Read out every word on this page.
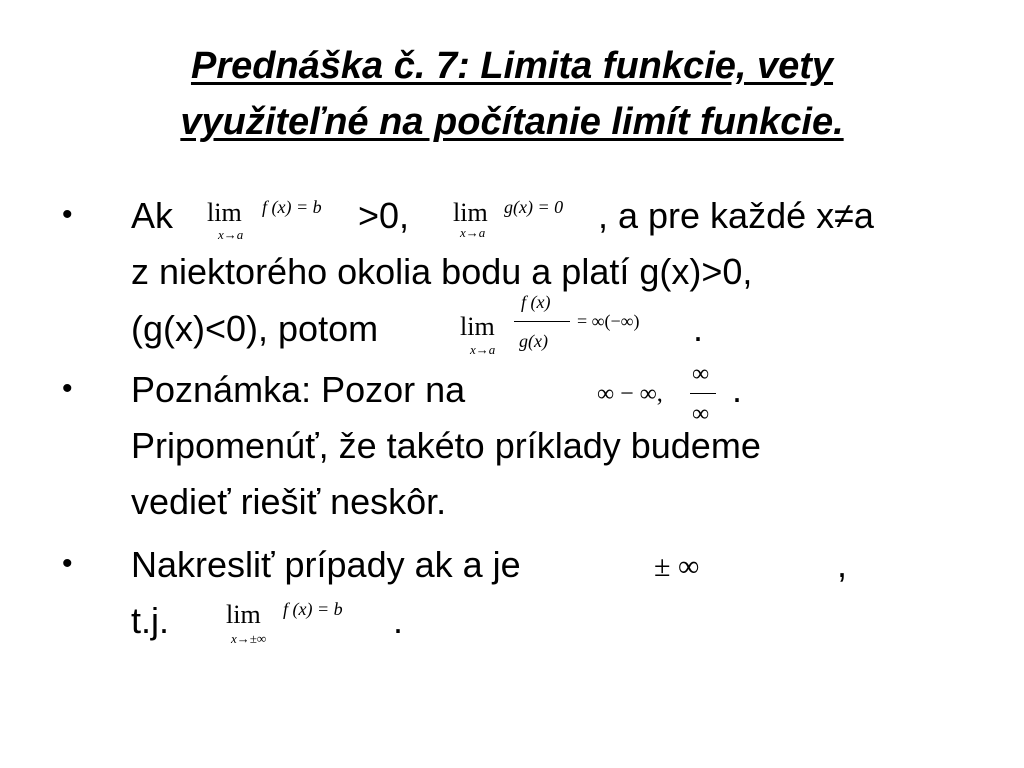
Prednáška č. 7: Limita funkcie, vety
využiteľné na počítanie limít funkcie.
• Ak lim f (x) = b
x→a	>0, lim g(x) = 0
x→a	, a pre každé x≠a
z niektorého okolia bodu a platí g(x)>0,
(g(x)<0), potom	lim
x→a
f (x)
g(x)
= ∞(−∞) .
• Poznámka: Pozor na	∞ − ∞,
∞
∞
.
Pripomenúť, že takéto príklady budeme
vedieť riešiť neskôr.
• Nakresliť prípady ak a je	± ∞	,
t.j. lim f (x) = b
x→±∞	.
